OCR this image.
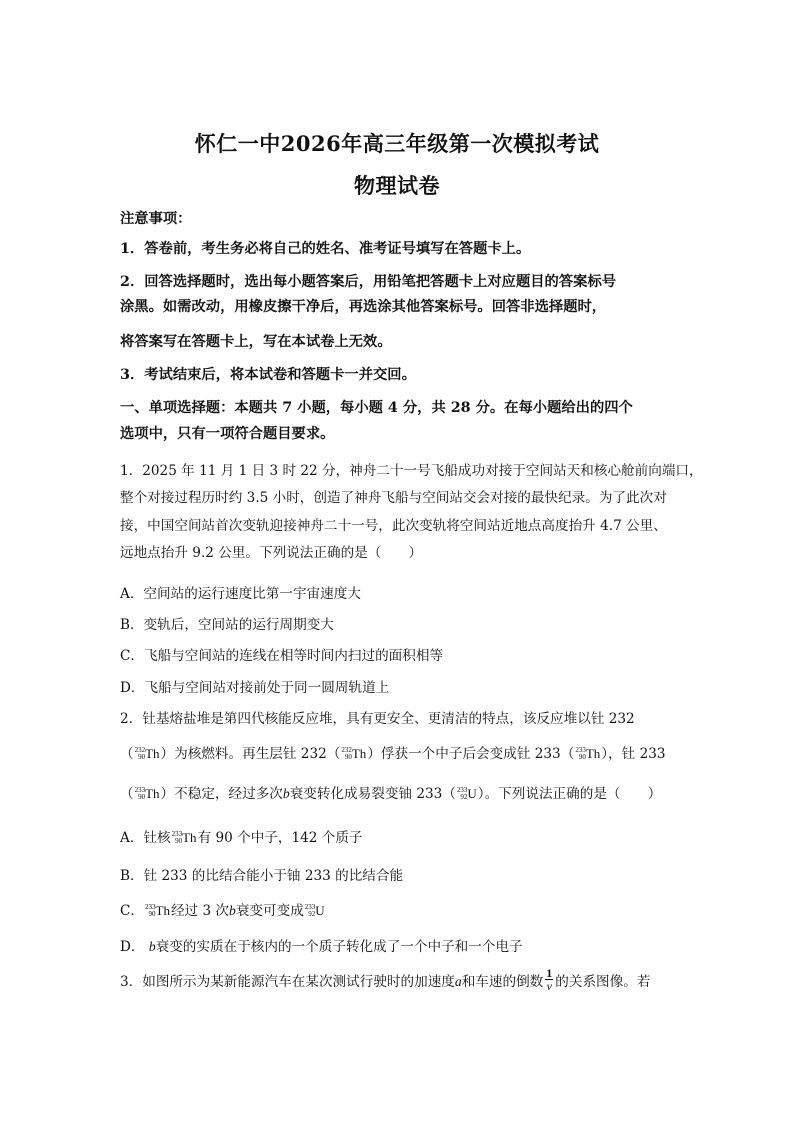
怀仁一中2026年高三年级第一次模拟考试
物理试卷
注意事项：
1．答卷前，考生务必将自己的姓名、准考证号填写在答题卡上。
2．回答选择题时，选出每小题答案后，用铅笔把答题卡上对应题目的答案标号
涂黑。如需改动，用橡皮擦干净后，再选涂其他答案标号。回答非选择题时，
将答案写在答题卡上，写在本试卷上无效。
3．考试结束后，将本试卷和答题卡一并交回。
一、单项选择题：本题共 7 小题，每小题 4 分，共 28 分。在每小题给出的四个
选项中，只有一项符合题目要求。
1．2025 年 11 月 1 日 3 时 22 分，神舟二十一号飞船成功对接于空间站天和核心舱前向端口，
整个对接过程历时约 3.5 小时，创造了神舟飞船与空间站交会对接的最快纪录。为了此次对
接，中国空间站首次变轨迎接神舟二十一号，此次变轨将空间站近地点高度抬升 4.7 公里、
远地点抬升 9.2 公里。下列说法正确的是（　　）
A．空间站的运行速度比第一宇宙速度大
B．变轨后，空间站的运行周期变大
C．飞船与空间站的连线在相等时间内扫过的面积相等
D．飞船与空间站对接前处于同一圆周轨道上
2．钍基熔盐堆是第四代核能反应堆，具有更安全、更清洁的特点，该反应堆以钍 232
（ 232
90 Th）为核燃料。再生层钍 232（ 232
90 Th）俘获一个中子后会变成钍 233（ 233
90 Th），钍 233
（ 233
90 Th）不稳定，经过多次b衰变转化成易裂变铀 233（ 233
92 U）。下列说法正确的是（　　）
A．钍核 233
90 Th有 90 个中子，142 个质子
B．钍 233 的比结合能小于铀 233 的比结合能
C． 233
90 Th经过 3 次b衰变可变成 233
92 U
D． b衰变的实质在于核内的一个质子转化成了一个中子和一个电子
3．如图所示为某新能源汽车在某次测试行驶时的加速度a和车速的倒数 $\frac{1}{v}$ 的关系图像。若
